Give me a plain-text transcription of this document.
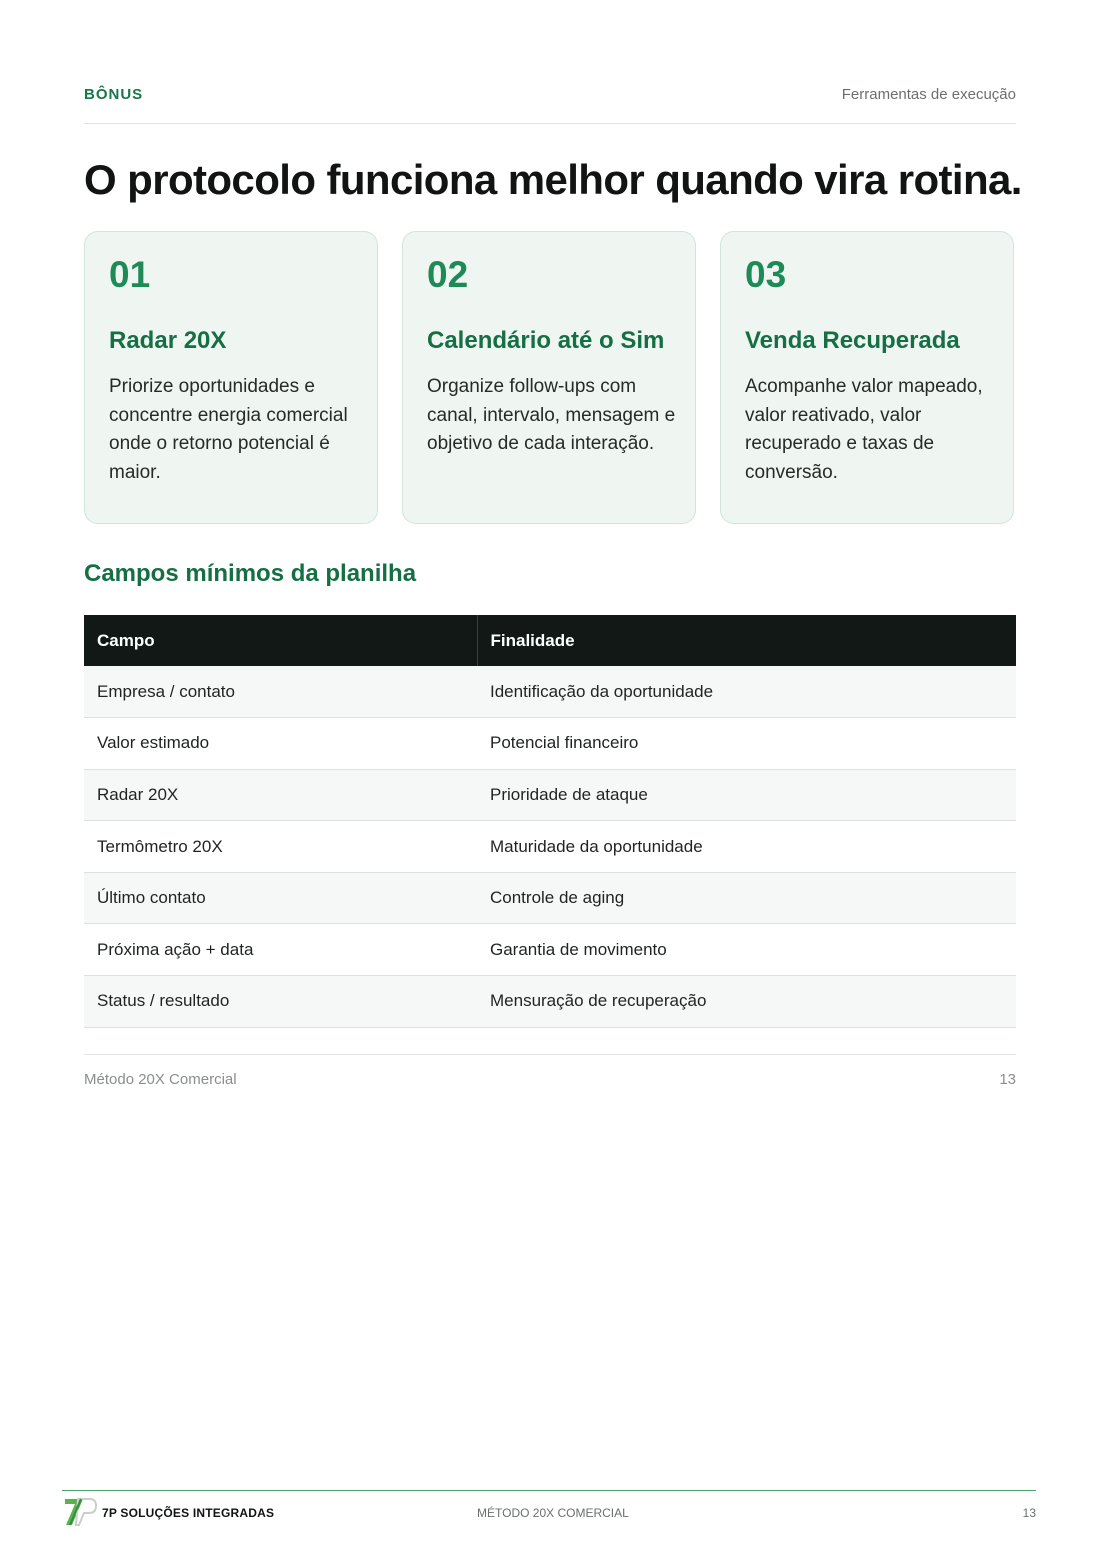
BÔNUS	Ferramentas de execução
O protocolo funciona melhor quando vira rotina.
01
Radar 20X
Priorize oportunidades e concentre energia comercial onde o retorno potencial é maior.
02
Calendário até o Sim
Organize follow-ups com canal, intervalo, mensagem e objetivo de cada interação.
03
Venda Recuperada
Acompanhe valor mapeado, valor reativado, valor recuperado e taxas de conversão.
Campos mínimos da planilha
Campo	Finalidade
Empresa / contato	Identificação da oportunidade
Valor estimado	Potencial financeiro
Radar 20X	Prioridade de ataque
Termômetro 20X	Maturidade da oportunidade
Último contato	Controle de aging
Próxima ação + data	Garantia de movimento
Status / resultado	Mensuração de recuperação
Método 20X Comercial	13
7P SOLUÇÕES INTEGRADAS	MÉTODO 20X COMERCIAL	13
